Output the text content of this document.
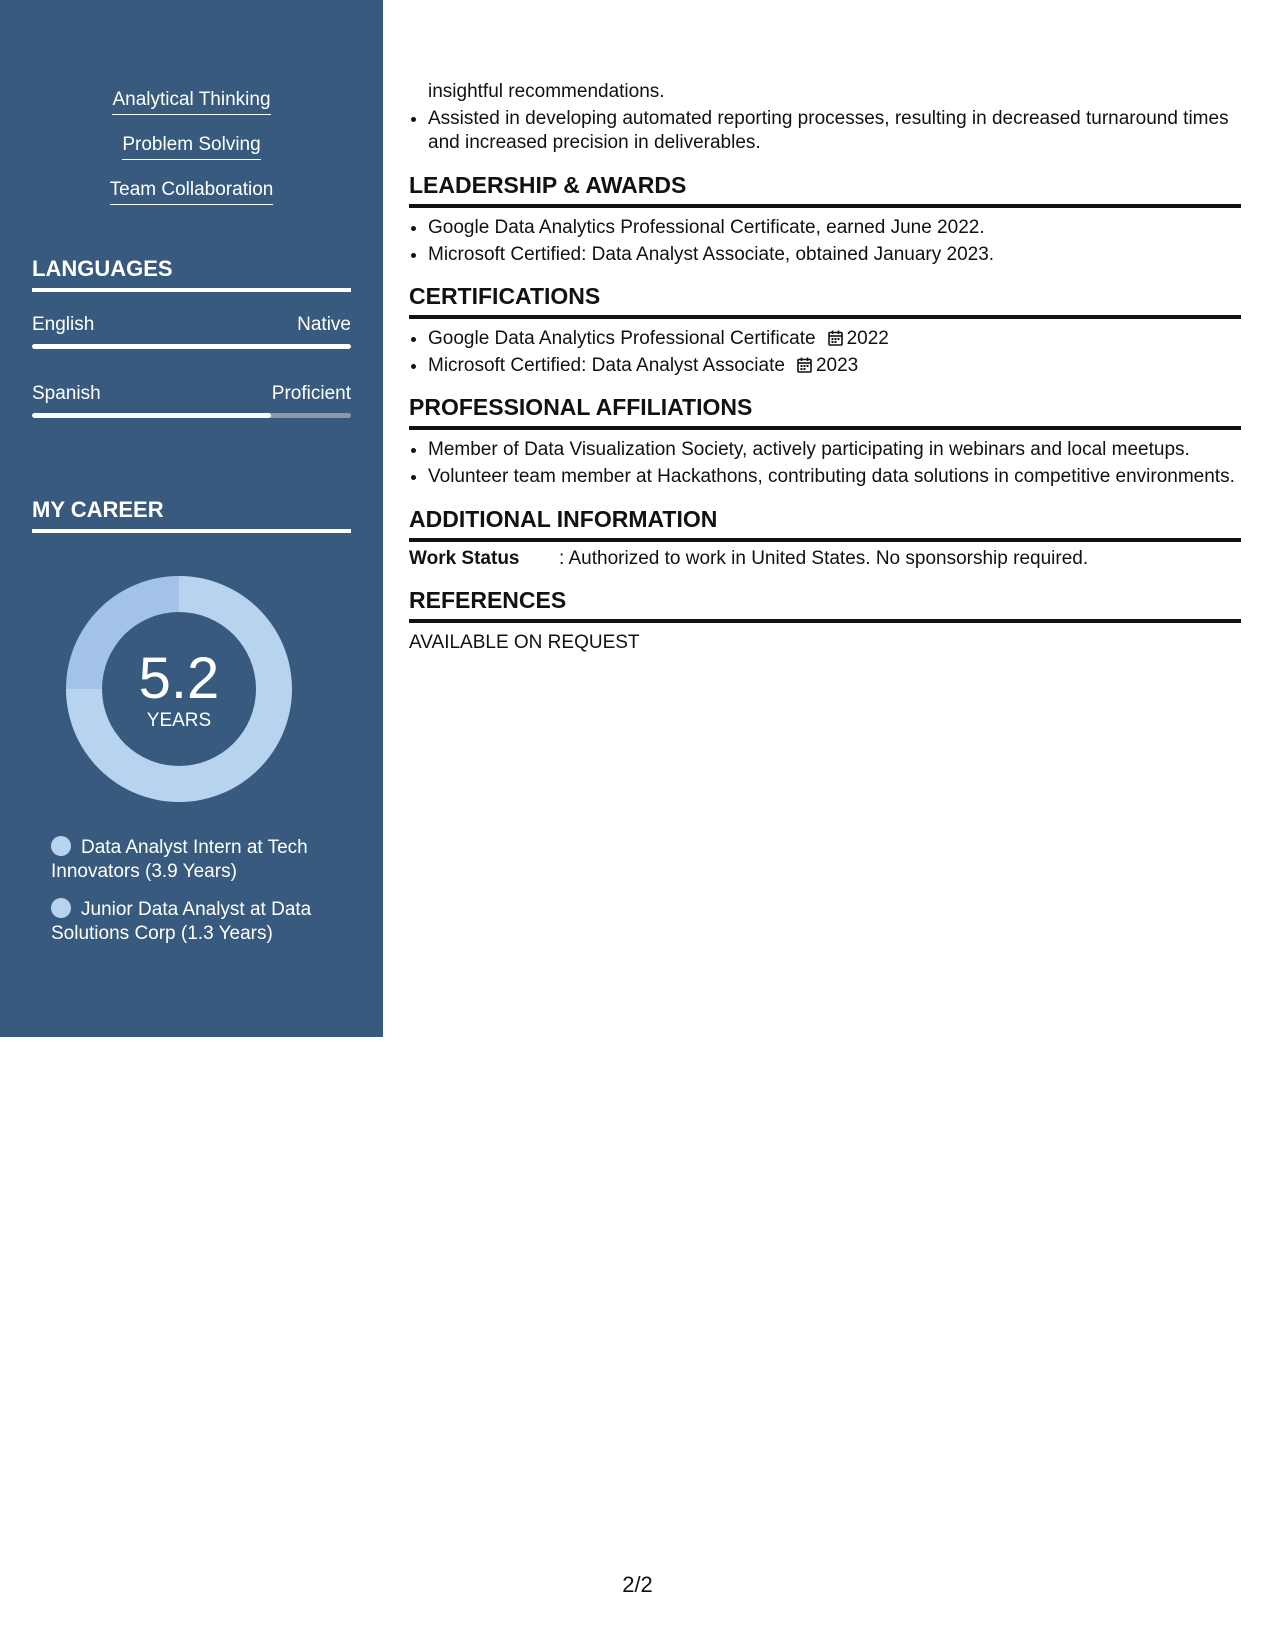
Analytical Thinking
Problem Solving
Team Collaboration
LANGUAGES
English	Native
Spanish	Proficient
MY CAREER
5.2
YEARS
Data Analyst Intern at Tech Innovators (3.9 Years)
Junior Data Analyst at Data Solutions Corp (1.3 Years)
insightful recommendations.
• Assisted in developing automated reporting processes, resulting in decreased turnaround times and increased precision in deliverables.
LEADERSHIP & AWARDS
• Google Data Analytics Professional Certificate, earned June 2022.
• Microsoft Certified: Data Analyst Associate, obtained January 2023.
CERTIFICATIONS
• Google Data Analytics Professional Certificate 2022
• Microsoft Certified: Data Analyst Associate 2023
PROFESSIONAL AFFILIATIONS
• Member of Data Visualization Society, actively participating in webinars and local meetups.
• Volunteer team member at Hackathons, contributing data solutions in competitive environments.
ADDITIONAL INFORMATION
Work Status : Authorized to work in United States. No sponsorship required.
REFERENCES
AVAILABLE ON REQUEST
2/2
